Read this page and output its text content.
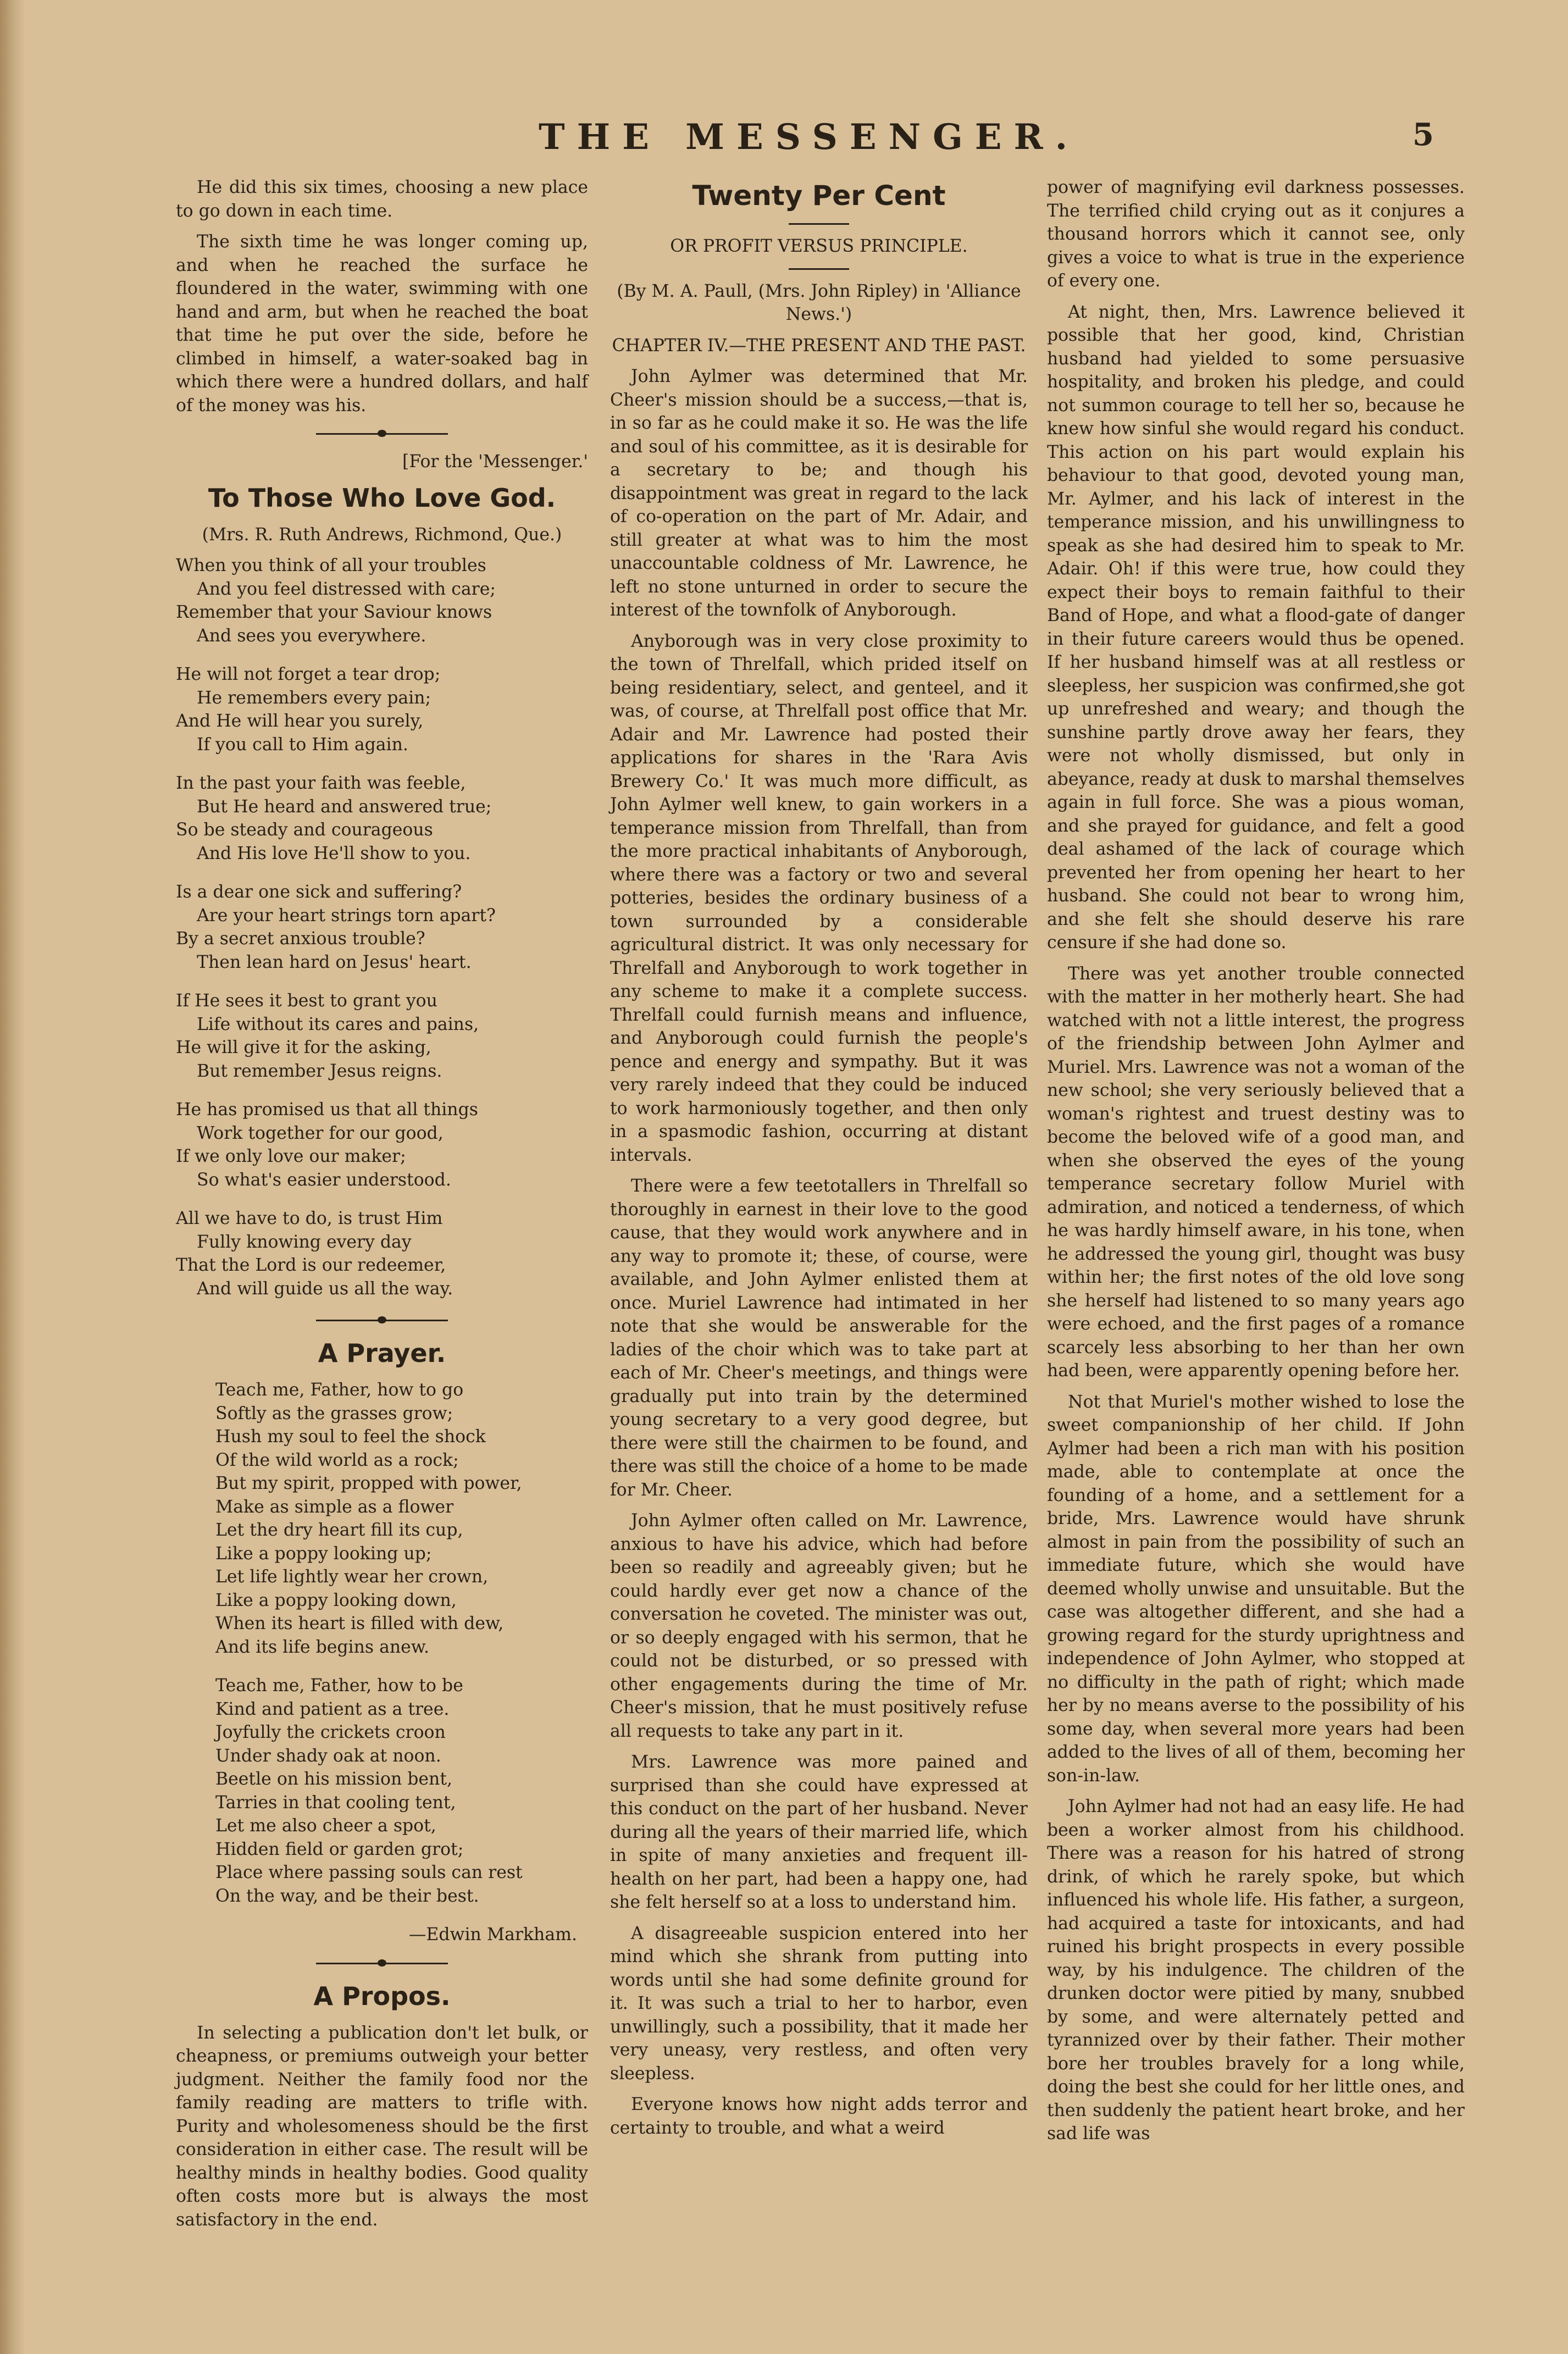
THE MESSENGER.	5

He did this six times, choosing a new place to go down in each time.

The sixth time he was longer coming up, and when he reached the surface he floundered in the water, swimming with one hand and arm, but when he reached the boat that time he put over the side, before he climbed in himself, a water-soaked bag in which there were a hundred dollars, and half of the money was his.

[For the 'Messenger.'

To Those Who Love God.

(Mrs. R. Ruth Andrews, Richmond, Que.)

When you think of all your troubles
And you feel distressed with care;
Remember that your Saviour knows
And sees you everywhere.
He will not forget a tear drop;
He remembers every pain;
And He will hear you surely,
If you call to Him again.
In the past your faith was feeble,
But He heard and answered true;
So be steady and courageous
And His love He'll show to you.
Is a dear one sick and suffering?
Are your heart strings torn apart?
By a secret anxious trouble?
Then lean hard on Jesus' heart.
If He sees it best to grant you
Life without its cares and pains,
He will give it for the asking,
But remember Jesus reigns.
He has promised us that all things
Work together for our good,
If we only love our maker;
So what's easier understood.
All we have to do, is trust Him
Fully knowing every day
That the Lord is our redeemer,
And will guide us all the way.
A Prayer.
Teach me, Father, how to go
Softly as the grasses grow;
Hush my soul to feel the shock
Of the wild world as a rock;
But my spirit, propped with power,
Make as simple as a flower
Let the dry heart fill its cup,
Like a poppy looking up;
Let life lightly wear her crown,
Like a poppy looking down,
When its heart is filled with dew,
And its life begins anew.
Teach me, Father, how to be
Kind and patient as a tree.
Joyfully the crickets croon
Under shady oak at noon.
Beetle on his mission bent,
Tarries in that cooling tent,
Let me also cheer a spot,
Hidden field or garden grot;
Place where passing souls can rest
On the way, and be their best.

—Edwin Markham.

A Propos.

In selecting a publication don't let bulk, or cheapness, or premiums outweigh your better judgment. Neither the family food nor the family reading are matters to trifle with. Purity and wholesomeness should be the first consideration in either case. The result will be healthy minds in healthy bodies. Good quality often costs more but is always the most satisfactory in the end.

Twenty Per Cent

OR PROFIT VERSUS PRINCIPLE.

(By M. A. Paull, (Mrs. John Ripley) in 'Alliance News.')

CHAPTER IV.—THE PRESENT AND THE PAST.

John Aylmer was determined that Mr. Cheer's mission should be a success,—that is, in so far as he could make it so. He was the life and soul of his committee, as it is desirable for a secretary to be; and though his disappointment was great in regard to the lack of co-operation on the part of Mr. Adair, and still greater at what was to him the most unaccountable coldness of Mr. Lawrence, he left no stone unturned in order to secure the interest of the townfolk of Anyborough.

Anyborough was in very close proximity to the town of Threlfall, which prided itself on being residentiary, select, and genteel, and it was, of course, at Threlfall post office that Mr. Adair and Mr. Lawrence had posted their applications for shares in the 'Rara Avis Brewery Co.' It was much more difficult, as John Aylmer well knew, to gain workers in a temperance mission from Threlfall, than from the more practical inhabitants of Anyborough, where there was a factory or two and several potteries, besides the ordinary business of a town surrounded by a considerable agricultural district. It was only necessary for Threlfall and Anyborough to work together in any scheme to make it a complete success. Threlfall could furnish means and influence, and Anyborough could furnish the people's pence and energy and sympathy. But it was very rarely indeed that they could be induced to work harmoniously together, and then only in a spasmodic fashion, occurring at distant intervals.

There were a few teetotallers in Threlfall so thoroughly in earnest in their love to the good cause, that they would work anywhere and in any way to promote it; these, of course, were available, and John Aylmer enlisted them at once. Muriel Lawrence had intimated in her note that she would be answerable for the ladies of the choir which was to take part at each of Mr. Cheer's meetings, and things were gradually put into train by the determined young secretary to a very good degree, but there were still the chairmen to be found, and there was still the choice of a home to be made for Mr. Cheer.

John Aylmer often called on Mr. Lawrence, anxious to have his advice, which had before been so readily and agreeably given; but he could hardly ever get now a chance of the conversation he coveted. The minister was out, or so deeply engaged with his sermon, that he could not be disturbed, or so pressed with other engagements during the time of Mr. Cheer's mission, that he must positively refuse all requests to take any part in it.

Mrs. Lawrence was more pained and surprised than she could have expressed at this conduct on the part of her husband. Never during all the years of their married life, which in spite of many anxieties and frequent ill-health on her part, had been a happy one, had she felt herself so at a loss to understand him.

A disagreeable suspicion entered into her mind which she shrank from putting into words until she had some definite ground for it. It was such a trial to her to harbor, even unwillingly, such a possibility, that it made her very uneasy, very restless, and often very sleepless.

Everyone knows how night adds terror and certainty to trouble, and what a weird

power of magnifying evil darkness possesses. The terrified child crying out as it conjures a thousand horrors which it cannot see, only gives a voice to what is true in the experience of every one.

At night, then, Mrs. Lawrence believed it possible that her good, kind, Christian husband had yielded to some persuasive hospitality, and broken his pledge, and could not summon courage to tell her so, because he knew how sinful she would regard his conduct. This action on his part would explain his behaviour to that good, devoted young man, Mr. Aylmer, and his lack of interest in the temperance mission, and his unwillingness to speak as she had desired him to speak to Mr. Adair. Oh! if this were true, how could they expect their boys to remain faithful to their Band of Hope, and what a flood-gate of danger in their future careers would thus be opened. If her husband himself was at all restless or sleepless, her suspicion was confirmed,she got up unrefreshed and weary; and though the sunshine partly drove away her fears, they were not wholly dismissed, but only in abeyance, ready at dusk to marshal themselves again in full force. She was a pious woman, and she prayed for guidance, and felt a good deal ashamed of the lack of courage which prevented her from opening her heart to her husband. She could not bear to wrong him, and she felt she should deserve his rare censure if she had done so.

There was yet another trouble connected with the matter in her motherly heart. She had watched with not a little interest, the progress of the friendship between John Aylmer and Muriel. Mrs. Lawrence was not a woman of the new school; she very seriously believed that a woman's rightest and truest destiny was to become the beloved wife of a good man, and when she observed the eyes of the young temperance secretary follow Muriel with admiration, and noticed a tenderness, of which he was hardly himself aware, in his tone, when he addressed the young girl, thought was busy within her; the first notes of the old love song she herself had listened to so many years ago were echoed, and the first pages of a romance scarcely less absorbing to her than her own had been, were apparently opening before her.

Not that Muriel's mother wished to lose the sweet companionship of her child. If John Aylmer had been a rich man with his position made, able to contemplate at once the founding of a home, and a settlement for a bride, Mrs. Lawrence would have shrunk almost in pain from the possibility of such an immediate future, which she would have deemed wholly unwise and unsuitable. But the case was altogether different, and she had a growing regard for the sturdy uprightness and independence of John Aylmer, who stopped at no difficulty in the path of right; which made her by no means averse to the possibility of his some day, when several more years had been added to the lives of all of them, becoming her son-in-law.

John Aylmer had not had an easy life. He had been a worker almost from his childhood. There was a reason for his hatred of strong drink, of which he rarely spoke, but which influenced his whole life. His father, a surgeon, had acquired a taste for intoxicants, and had ruined his bright prospects in every possible way, by his indulgence. The children of the drunken doctor were pitied by many, snubbed by some, and were alternately petted and tyrannized over by their father. Their mother bore her troubles bravely for a long while, doing the best she could for her little ones, and then suddenly the patient heart broke, and her sad life was
